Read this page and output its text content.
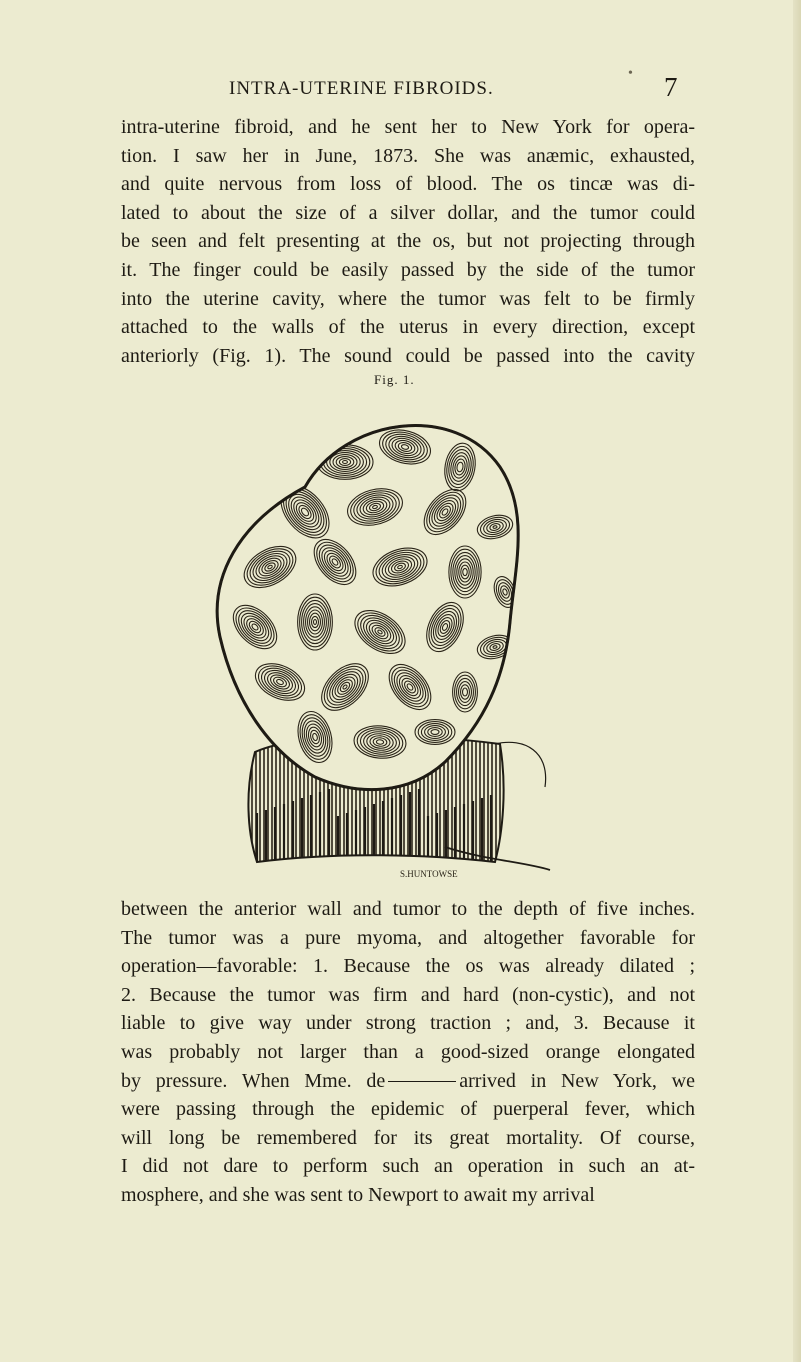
INTRA-UTERINE FIBROIDS.	7
•
intra-uterine fibroid, and he sent her to New York for opera-
tion. I saw her in June, 1873. She was anæmic, exhausted,
and quite nervous from loss of blood. The os tincæ was di-
lated to about the size of a silver dollar, and the tumor could
be seen and felt presenting at the os, but not projecting through
it. The finger could be easily passed by the side of the tumor
into the uterine cavity, where the tumor was felt to be firmly
attached to the walls of the uterus in every direction, except
anteriorly (Fig. 1). The sound could be passed into the cavity
Fig. 1.
S.HUNTOWSE
between the anterior wall and tumor to the depth of five inches.
The tumor was a pure myoma, and altogether favorable for
operation—favorable: 1. Because the os was already dilated ;
2. Because the tumor was firm and hard (non-cystic), and not
liable to give way under strong traction ; and, 3. Because it
was probably not larger than a good-sized orange elongated
by pressure. When Mme. de	arrived in New York, we
were passing through the epidemic of puerperal fever, which
will long be remembered for its great mortality. Of course,
I did not dare to perform such an operation in such an at-
mosphere, and she was sent to Newport to await my arrival
